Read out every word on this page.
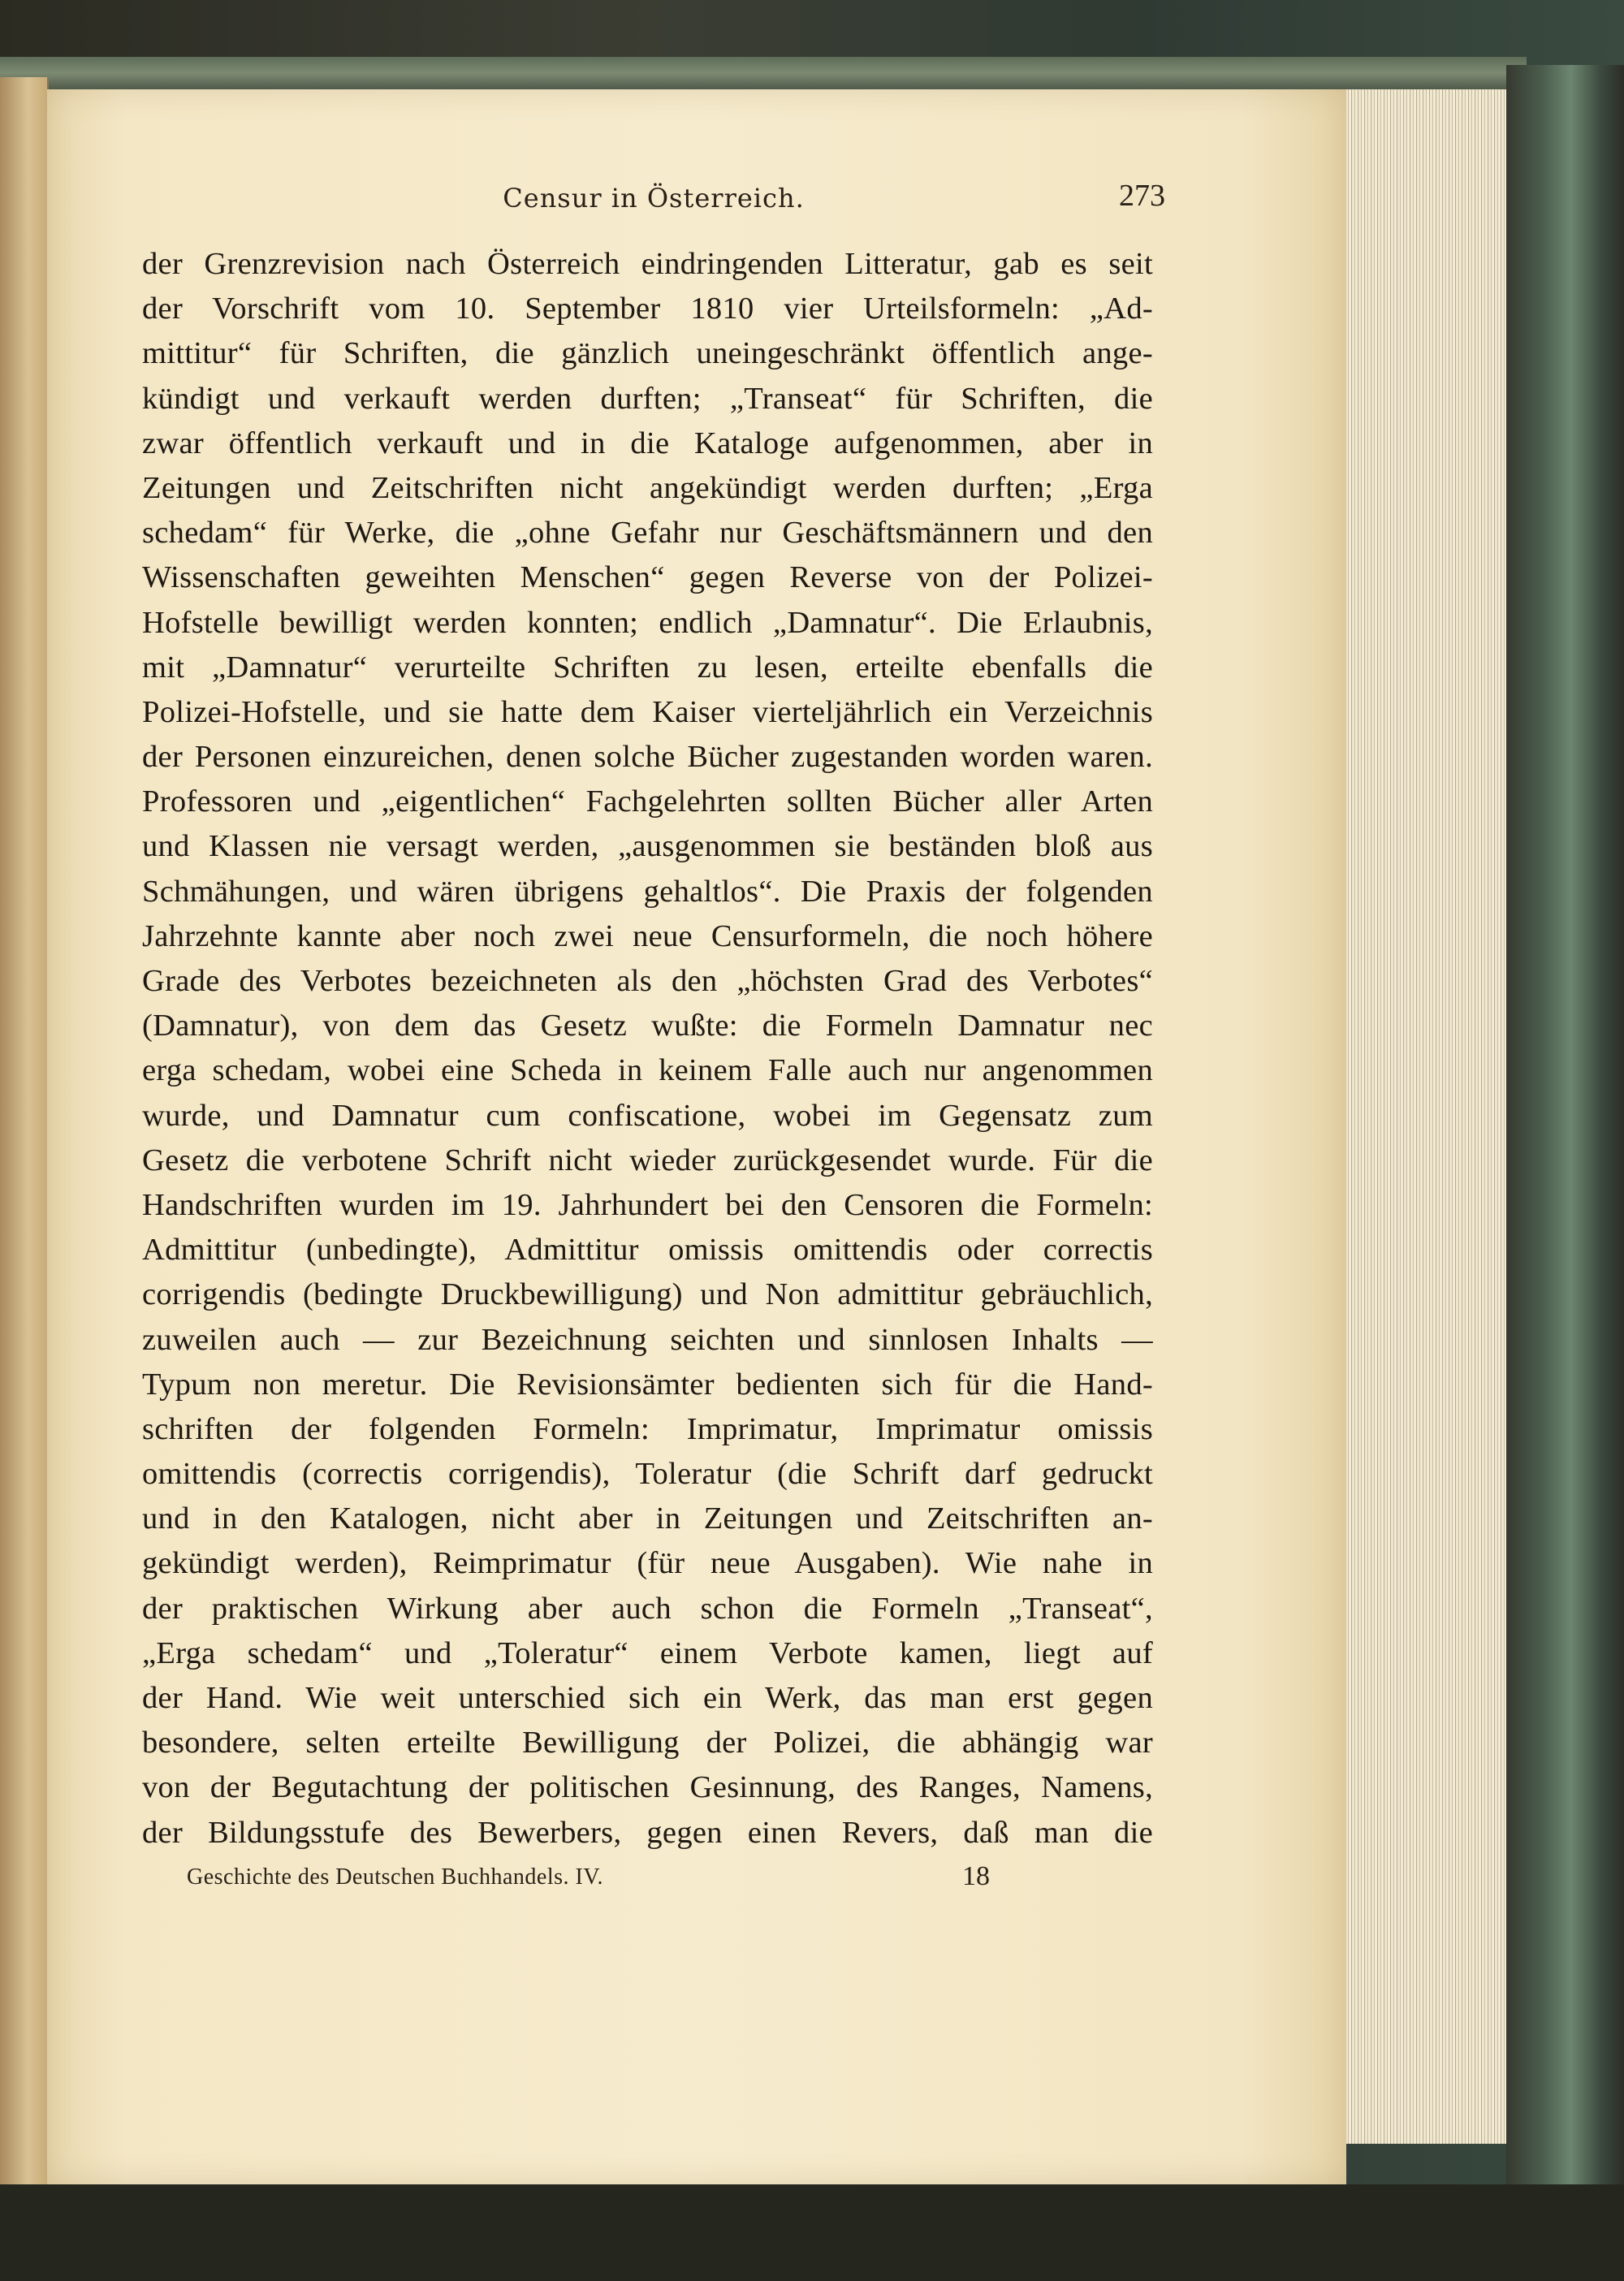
Censur in Österreich.	273
der Grenzrevision nach Österreich eindringenden Litteratur, gab es seit
der Vorschrift vom 10. September 1810 vier Urteilsformeln: „Ad-
mittitur“ für Schriften, die gänzlich uneingeschränkt öffentlich ange-
kündigt und verkauft werden durften; „Transeat“ für Schriften, die
zwar öffentlich verkauft und in die Kataloge aufgenommen, aber in
Zeitungen und Zeitschriften nicht angekündigt werden durften; „Erga
schedam“ für Werke, die „ohne Gefahr nur Geschäftsmännern und den
Wissenschaften geweihten Menschen“ gegen Reverse von der Polizei-
Hofstelle bewilligt werden konnten; endlich „Damnatur“. Die Erlaubnis,
mit „Damnatur“ verurteilte Schriften zu lesen, erteilte ebenfalls die
Polizei-Hofstelle, und sie hatte dem Kaiser vierteljährlich ein Verzeichnis
der Personen einzureichen, denen solche Bücher zugestanden worden waren.
Professoren und „eigentlichen“ Fachgelehrten sollten Bücher aller Arten
und Klassen nie versagt werden, „ausgenommen sie beständen bloß aus
Schmähungen, und wären übrigens gehaltlos“. Die Praxis der folgenden
Jahrzehnte kannte aber noch zwei neue Censurformeln, die noch höhere
Grade des Verbotes bezeichneten als den „höchsten Grad des Verbotes“
(Damnatur), von dem das Gesetz wußte: die Formeln Damnatur nec
erga schedam, wobei eine Scheda in keinem Falle auch nur angenommen
wurde, und Damnatur cum confiscatione, wobei im Gegensatz zum
Gesetz die verbotene Schrift nicht wieder zurückgesendet wurde. Für die
Handschriften wurden im 19. Jahrhundert bei den Censoren die Formeln:
Admittitur (unbedingte), Admittitur omissis omittendis oder correctis
corrigendis (bedingte Druckbewilligung) und Non admittitur gebräuchlich,
zuweilen auch — zur Bezeichnung seichten und sinnlosen Inhalts —
Typum non meretur. Die Revisionsämter bedienten sich für die Hand-
schriften der folgenden Formeln: Imprimatur, Imprimatur omissis
omittendis (correctis corrigendis), Toleratur (die Schrift darf gedruckt
und in den Katalogen, nicht aber in Zeitungen und Zeitschriften an-
gekündigt werden), Reimprimatur (für neue Ausgaben). Wie nahe in
der praktischen Wirkung aber auch schon die Formeln „Transeat“,
„Erga schedam“ und „Toleratur“ einem Verbote kamen, liegt auf
der Hand. Wie weit unterschied sich ein Werk, das man erst gegen
besondere, selten erteilte Bewilligung der Polizei, die abhängig war
von der Begutachtung der politischen Gesinnung, des Ranges, Namens,
der Bildungsstufe des Bewerbers, gegen einen Revers, daß man die
Geschichte des Deutschen Buchhandels. IV.	18
